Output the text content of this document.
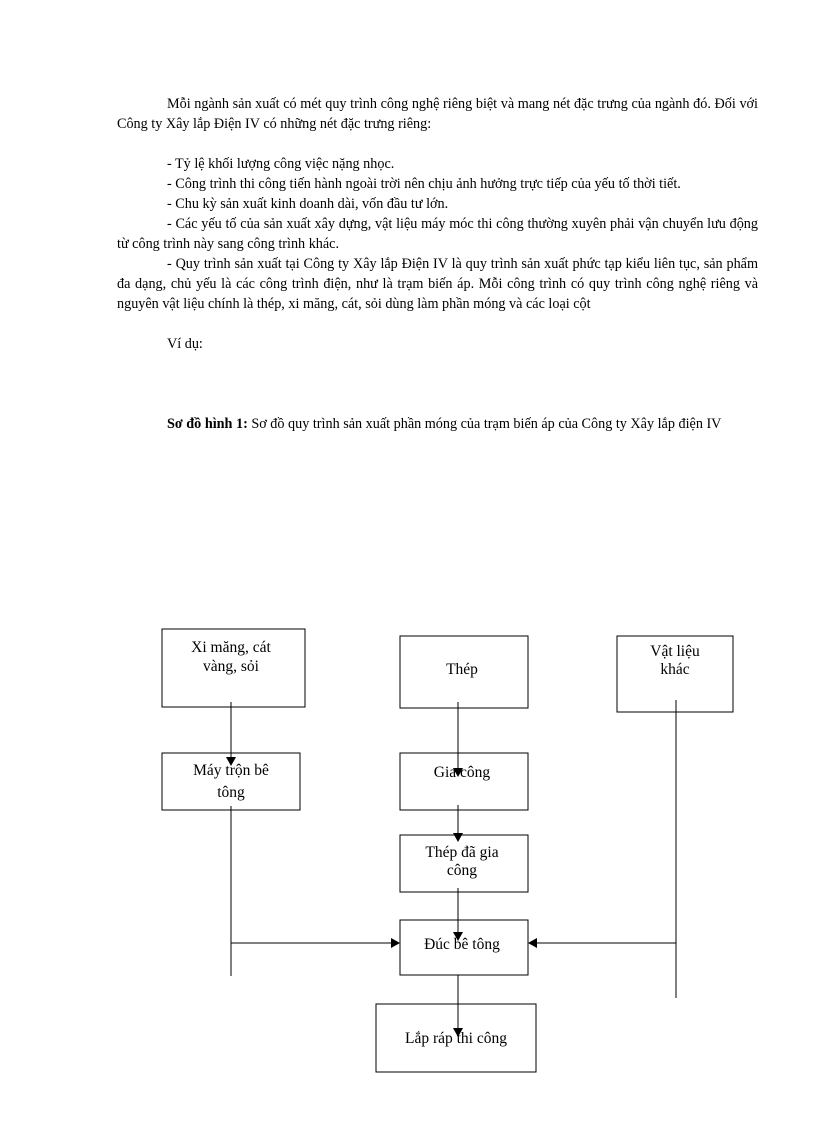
Mỗi ngành sản xuất có mét quy trình công nghệ riêng biệt và mang nét đặc trưng của ngành đó. Đối với Công ty Xây lắp Điện IV có những nét đặc trưng riêng:

- Tỷ lệ khối lượng công việc nặng nhọc.

- Công trình thi công tiến hành ngoài trời nên chịu ảnh hưởng trực tiếp của yếu tố thời tiết.

- Chu kỳ sản xuất kinh doanh dài, vốn đầu tư lớn.

- Các yếu tố của sản xuất xây dựng, vật liệu máy móc thi công thường xuyên phải vận chuyển lưu động từ công trình này sang công trình khác.

- Quy trình sản xuất tại Công ty Xây lắp Điện IV là quy trình sản xuất phức tạp kiểu liên tục, sản phẩm đa dạng, chủ yếu là các công trình điện, như là trạm biến áp. Mỗi công trình có quy trình công nghệ riêng và nguyên vật liệu chính là thép, xi măng, cát, sỏi dùng làm phần móng và các loại cột

Ví dụ:

Sơ đồ hình 1: Sơ đồ quy trình sản xuất phần móng của trạm biến áp của Công ty Xây lắp điện IV

Xi măng, cát
vàng, sỏi	Thép
Vật liệu
khác
Máy trộn bê
tông
Gia công
Thép đã gia
công
Đúc bê tông
Lắp ráp thi công
